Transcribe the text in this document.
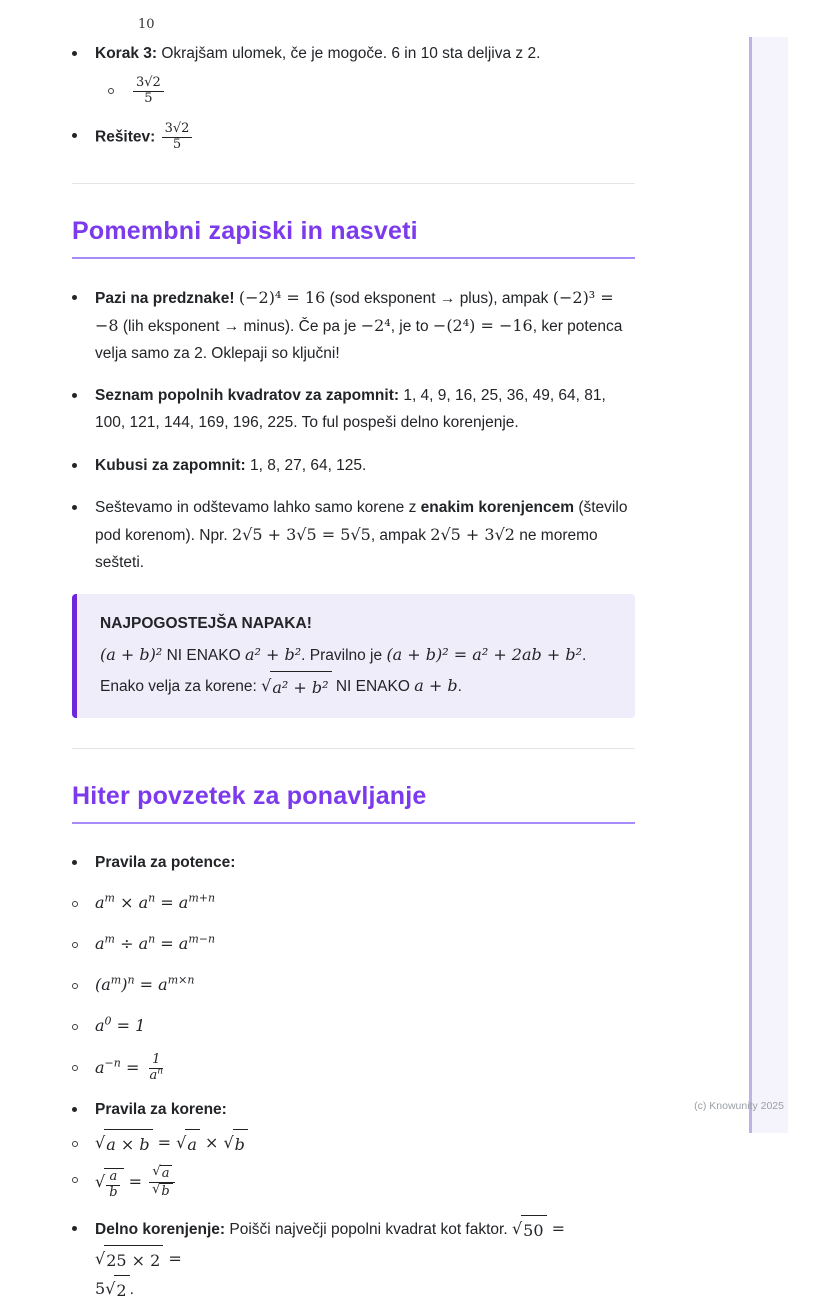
10
Korak 3: Okrajšam ulomek, če je mogoče. 6 in 10 sta deljiva z 2.
$\frac{3√2}{5}$
Rešitev: $\frac{3√2}{5}$
Pomembni zapiski in nasveti
Pazi na predznake! (−2)⁴ = 16 (sod eksponent → plus), ampak (−2)³ = −8 (lih eksponent → minus). Če pa je −2⁴, je to −(2⁴) = −16, ker potenca velja samo za 2. Oklepaji so ključni!
Seznam popolnih kvadratov za zapomnit: 1, 4, 9, 16, 25, 36, 49, 64, 81, 100, 121, 144, 169, 196, 225. To ful pospeši delno korenjenje.
Kubusi za zapomnit: 1, 8, 27, 64, 125.
Seštevamo in odštevamo lahko samo korene z enakim korenjencem (število pod korenom). Npr. 2√5 + 3√5 = 5√5, ampak 2√5 + 3√2 ne moremo sešteti.
NAJPOGOSTEJŠA NAPAKA!
(a + b)² NI ENAKO a² + b². Pravilno je (a + b)² = a² + 2ab + b².
Enako velja za korene: √ a² + b² NI ENAKO a + b.
Hiter povzetek za ponavljanje
Pravila za potence:
$a^m \times a^n = a^{m+n}$
$a^m \div a^n = a^{m-n}$
$(a^m)^n = a^{m\times n}$
$a^0 = 1$
$a^{-n} = \frac{1}{a^n}$
Pravila za korene:
√ a × b = √ a × √ b
√ $\frac{a}{b}$ = √ a
√ b
Delno korenjenje: Poišči največji popolni kvadrat kot faktor. √ 50 =
√ 25 × 2 =
5 √ 2 .
(c) Knowunity 2025
